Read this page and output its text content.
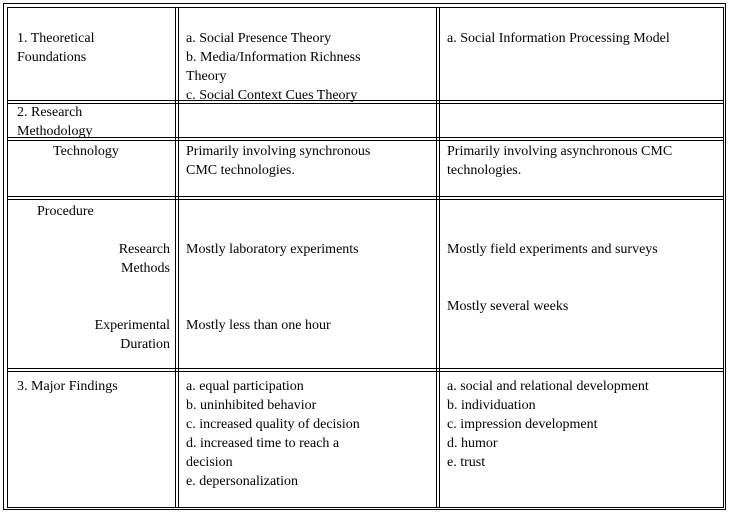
1. Theoretical
Foundations
a. Social Presence Theory
b. Media/Information Richness
Theory
c. Social Context Cues Theory
a. Social Information Processing Model
2. Research
Methodology
Technology	Primarily involving synchronous
CMC technologies.
Primarily involving asynchronous CMC
technologies.
Procedure
Research
Methods
Experimental
Duration
Mostly laboratory experiments
Mostly less than one hour
Mostly field experiments and surveys
Mostly several weeks
3. Major Findings	a. equal participation
b. uninhibited behavior
c. increased quality of decision
d. increased time to reach a
decision
e. depersonalization
a. social and relational development
b. individuation
c. impression development
d. humor
e. trust
